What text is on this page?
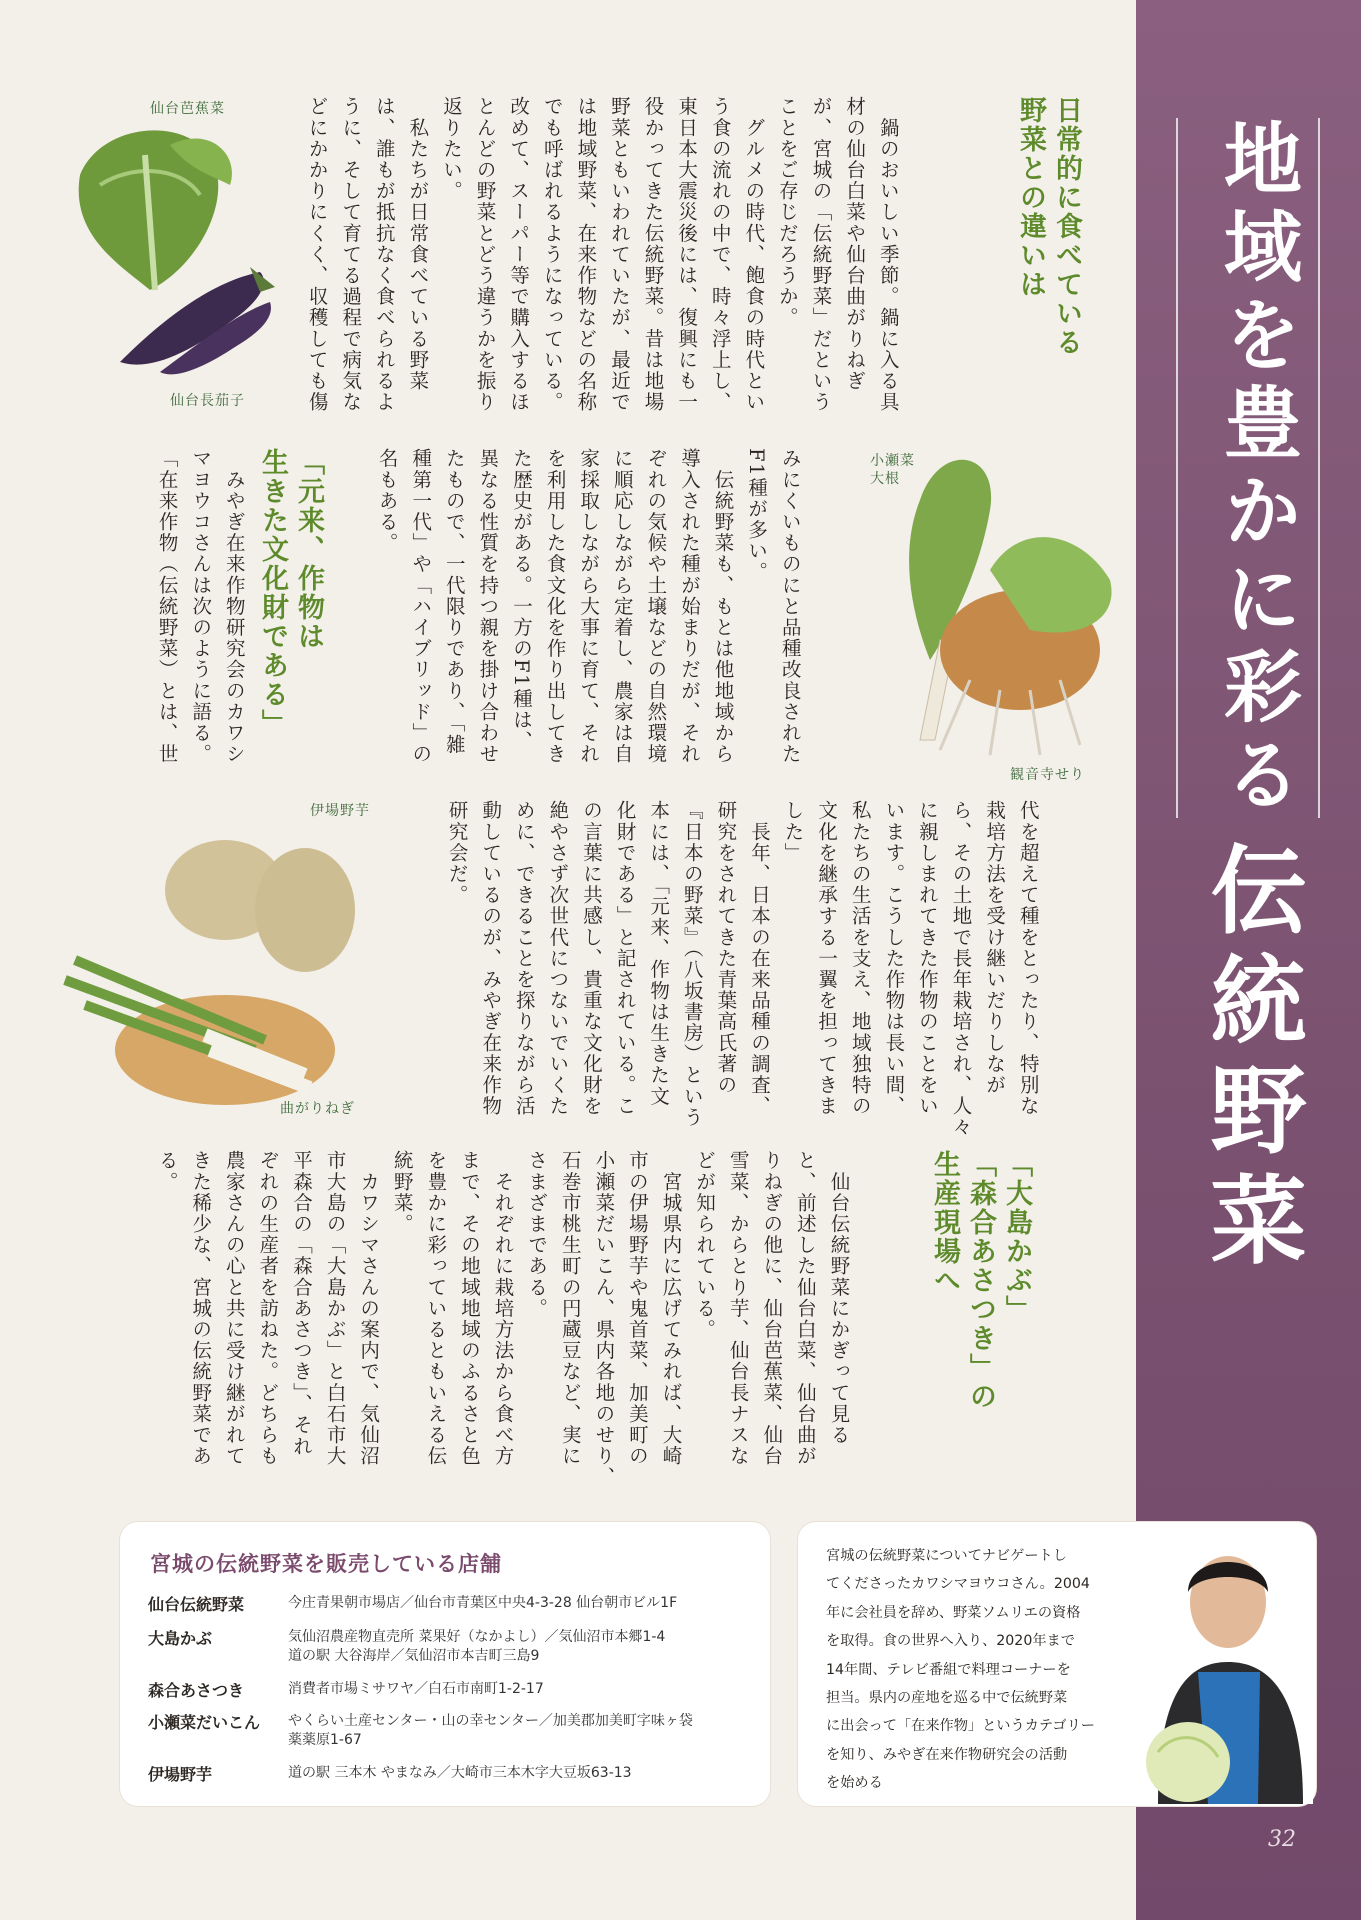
地域を豊かに彩る
伝統野菜
32
日常的に食べている
野菜との違いは
　鍋のおいしい季節。鍋に入る具
材の仙台白菜や仙台曲がりねぎ
が、宮城の「伝統野菜」だという
ことをご存じだろうか。
　グルメの時代、飽食の時代とい
う食の流れの中で、時々浮上し、
東日本大震災後には、復興にも一
役かってきた伝統野菜。昔は地場
野菜ともいわれていたが、最近で
は地域野菜、在来作物などの名称
でも呼ばれるようになっている。
改めて、スーパー等で購入するほ
とんどの野菜とどう違うかを振り
返りたい。
　私たちが日常食べている野菜
は、誰もが抵抗なく食べられるよ
うに、そして育てる過程で病気な
どにかかりにくく、収穫しても傷
みにくいものにと品種改良された
F1種が多い。
　伝統野菜も、もとは他地域から
導入された種が始まりだが、それ
ぞれの気候や土壌などの自然環境
に順応しながら定着し、農家は自
家採取しながら大事に育て、それ
を利用した食文化を作り出してき
た歴史がある。一方のF1種は、
異なる性質を持つ親を掛け合わせ
たもので、一代限りであり、「雑
種第一代」や「ハイブリッド」の
名もある。
「元来、作物は
生きた文化財である」
　みやぎ在来作物研究会のカワシ
マヨウコさんは次のように語る。
「在来作物（伝統野菜）とは、世
代を超えて種をとったり、特別な
栽培方法を受け継いだりしなが
ら、その土地で長年栽培され、人々
に親しまれてきた作物のことをい
います。こうした作物は長い間、
私たちの生活を支え、地域独特の
文化を継承する一翼を担ってきま
した」
　長年、日本の在来品種の調査、
研究をされてきた青葉高氏著の
『日本の野菜』（八坂書房）という
本には、「元来、作物は生きた文
化財である」と記されている。こ
の言葉に共感し、貴重な文化財を
絶やさず次世代につないでいくた
めに、できることを探りながら活
動しているのが、みやぎ在来作物
研究会だ。
「大島かぶ」
「森合あさつき」の
生産現場へ
　仙台伝統野菜にかぎって見る
と、前述した仙台白菜、仙台曲が
りねぎの他に、仙台芭蕉菜、仙台
雪菜、からとり芋、仙台長ナスな
どが知られている。
　宮城県内に広げてみれば、大崎
市の伊場野芋や鬼首菜、加美町の
小瀬菜だいこん、県内各地のせり、
石巻市桃生町の円蔵豆など、実に
さまざまである。
　それぞれに栽培方法から食べ方
まで、その地域地域のふるさと色
を豊かに彩っているともいえる伝
統野菜。
　カワシマさんの案内で、気仙沼
市大島の「大島かぶ」と白石市大
平森合の「森合あさつき」、それ
ぞれの生産者を訪ねた。どちらも
農家さんの心と共に受け継がれて
きた稀少な、宮城の伝統野菜であ
る。
仙台芭蕉菜
仙台長茄子
小瀬菜
大根
観音寺せり
伊場野芋
曲がりねぎ
宮城の伝統野菜を販売している店舗
仙台伝統野菜	今庄青果朝市場店／仙台市青葉区中央4-3-28 仙台朝市ビル1F
大島かぶ	気仙沼農産物直売所 菜果好（なかよし）／気仙沼市本郷1-4
道の駅 大谷海岸／気仙沼市本吉町三島9
森合あさつき	消費者市場ミサワヤ／白石市南町1-2-17
小瀬菜だいこん やくらい土産センター・山の幸センター／加美郡加美町字味ヶ袋
薬薬原1-67
伊場野芋	道の駅 三本木 やまなみ／大崎市三本木字大豆坂63-13
宮城の伝統野菜についてナビゲートし
てくださったカワシマヨウコさん。2004
年に会社員を辞め、野菜ソムリエの資格
を取得。食の世界へ入り、2020年まで
14年間、テレビ番組で料理コーナーを
担当。県内の産地を巡る中で伝統野菜
に出会って「在来作物」というカテゴリー
を知り、みやぎ在来作物研究会の活動
を始める
